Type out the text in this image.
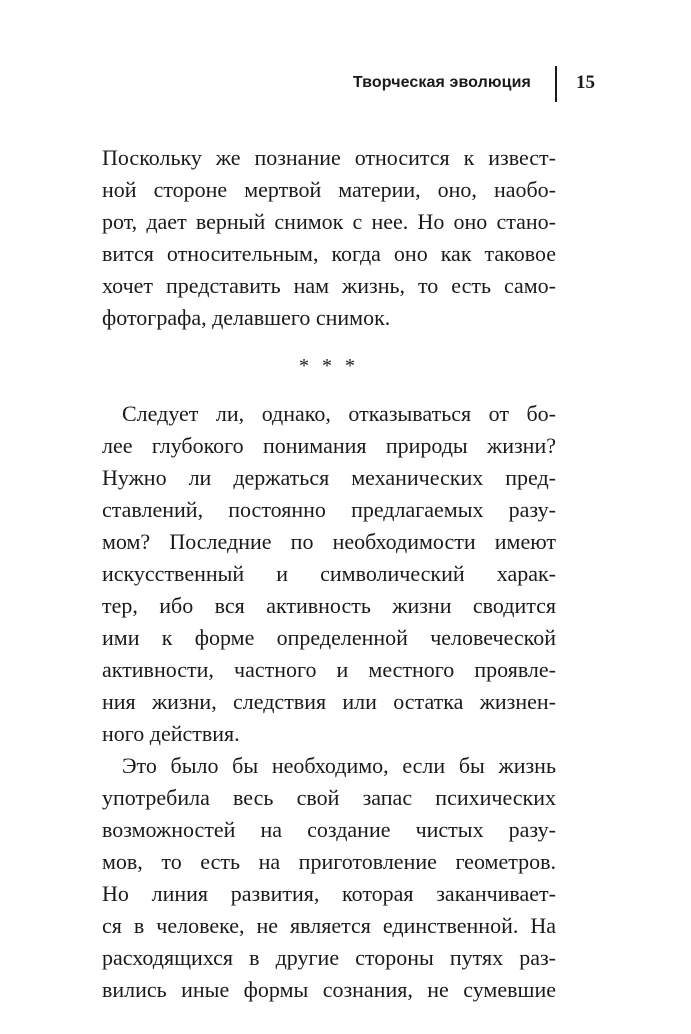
Творческая эволюция 15
Поскольку же познание относится к извест-
ной стороне мертвой материи, оно, наобо-
рот, дает верный снимок с нее. Но оно стано-
вится относительным, когда оно как таковое
хочет представить нам жизнь, то есть само-
фотографа, делавшего снимок.
* * *
Следует ли, однако, отказываться от бо-
лее глубокого понимания природы жизни?
Нужно ли держаться механических пред-
ставлений, постоянно предлагаемых разу-
мом? Последние по необходимости имеют
искусственный и символический харак-
тер, ибо вся активность жизни сводится
ими к форме определенной человеческой
активности, частного и местного проявле-
ния жизни, следствия или остатка жизнен-
ного действия.
Это было бы необходимо, если бы жизнь
употребила весь свой запас психических
возможностей на создание чистых разу-
мов, то есть на приготовление геометров.
Но линия развития, которая заканчивает-
ся в человеке, не является единственной. На
расходящихся в другие стороны путях раз-
вились иные формы сознания, не сумевшие
